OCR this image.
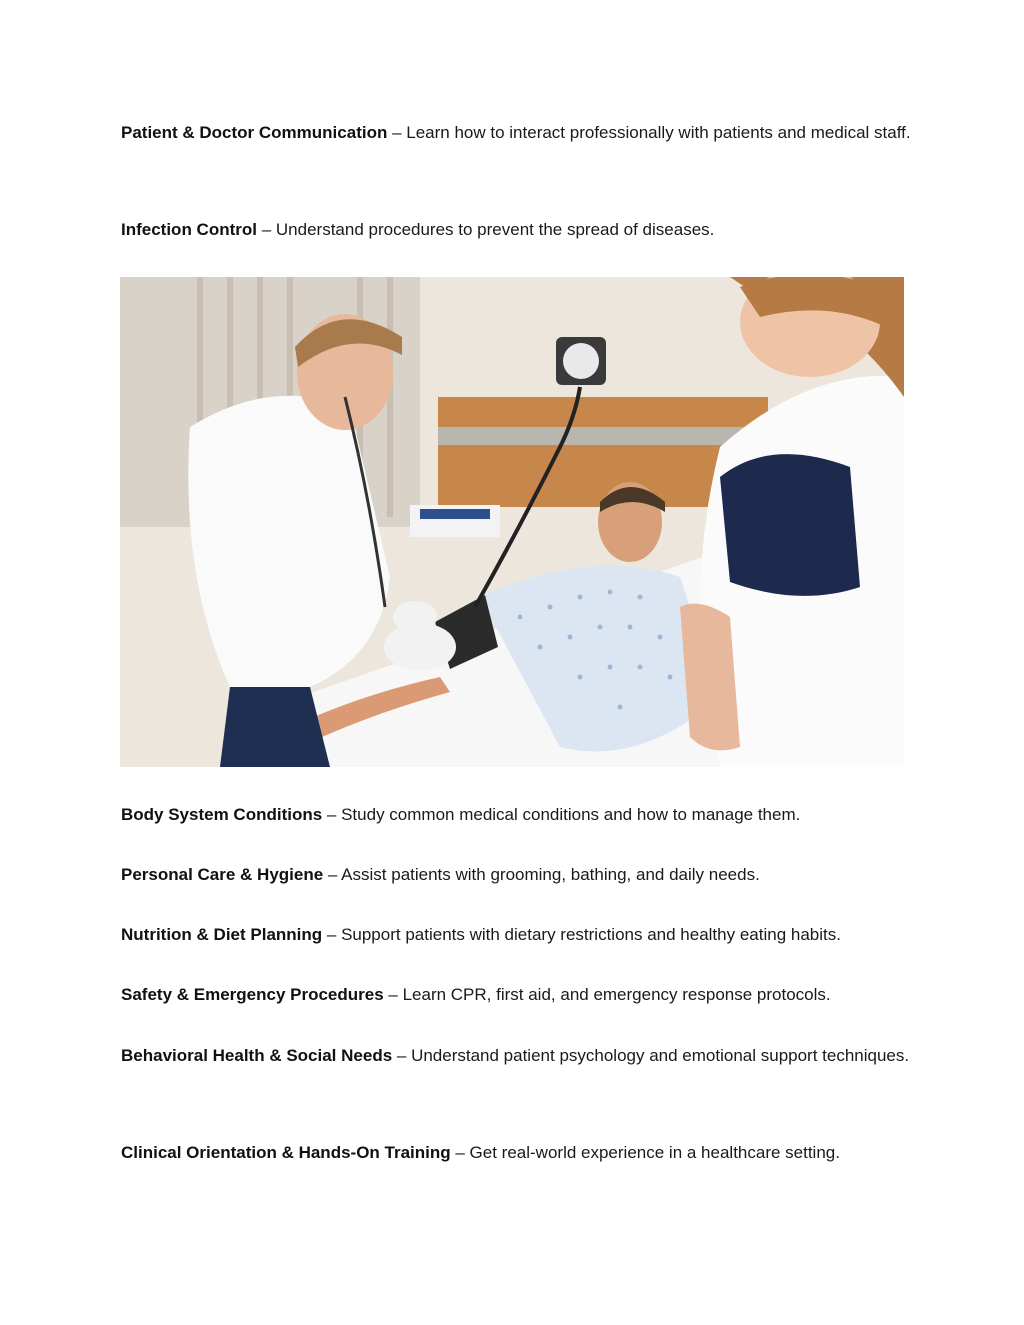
Patient & Doctor Communication – Learn how to interact professionally with patients and medical staff.

Infection Control – Understand procedures to prevent the spread of diseases.

Body System Conditions – Study common medical conditions and how to manage them.

Personal Care & Hygiene – Assist patients with grooming, bathing, and daily needs.

Nutrition & Diet Planning – Support patients with dietary restrictions and healthy eating habits.

Safety & Emergency Procedures – Learn CPR, first aid, and emergency response protocols.

Behavioral Health & Social Needs – Understand patient psychology and emotional support techniques.

Clinical Orientation & Hands-On Training – Get real-world experience in a healthcare setting.
